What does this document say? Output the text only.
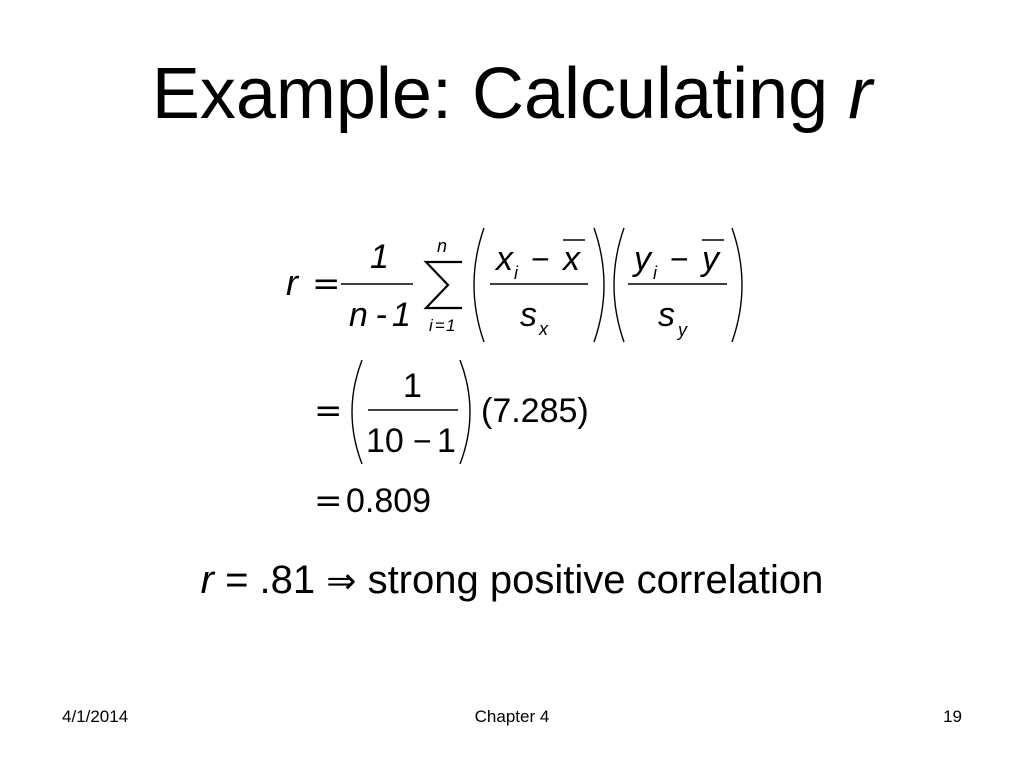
Example: Calculating r
r =
1
n - 1
n
i = 1
x i − x
s x
y i − y
s y
=
1
10 − 1
(7.285)
= 0.809
r = .81 ⇒ strong positive correlation
4/1/2014	Chapter 4	19
